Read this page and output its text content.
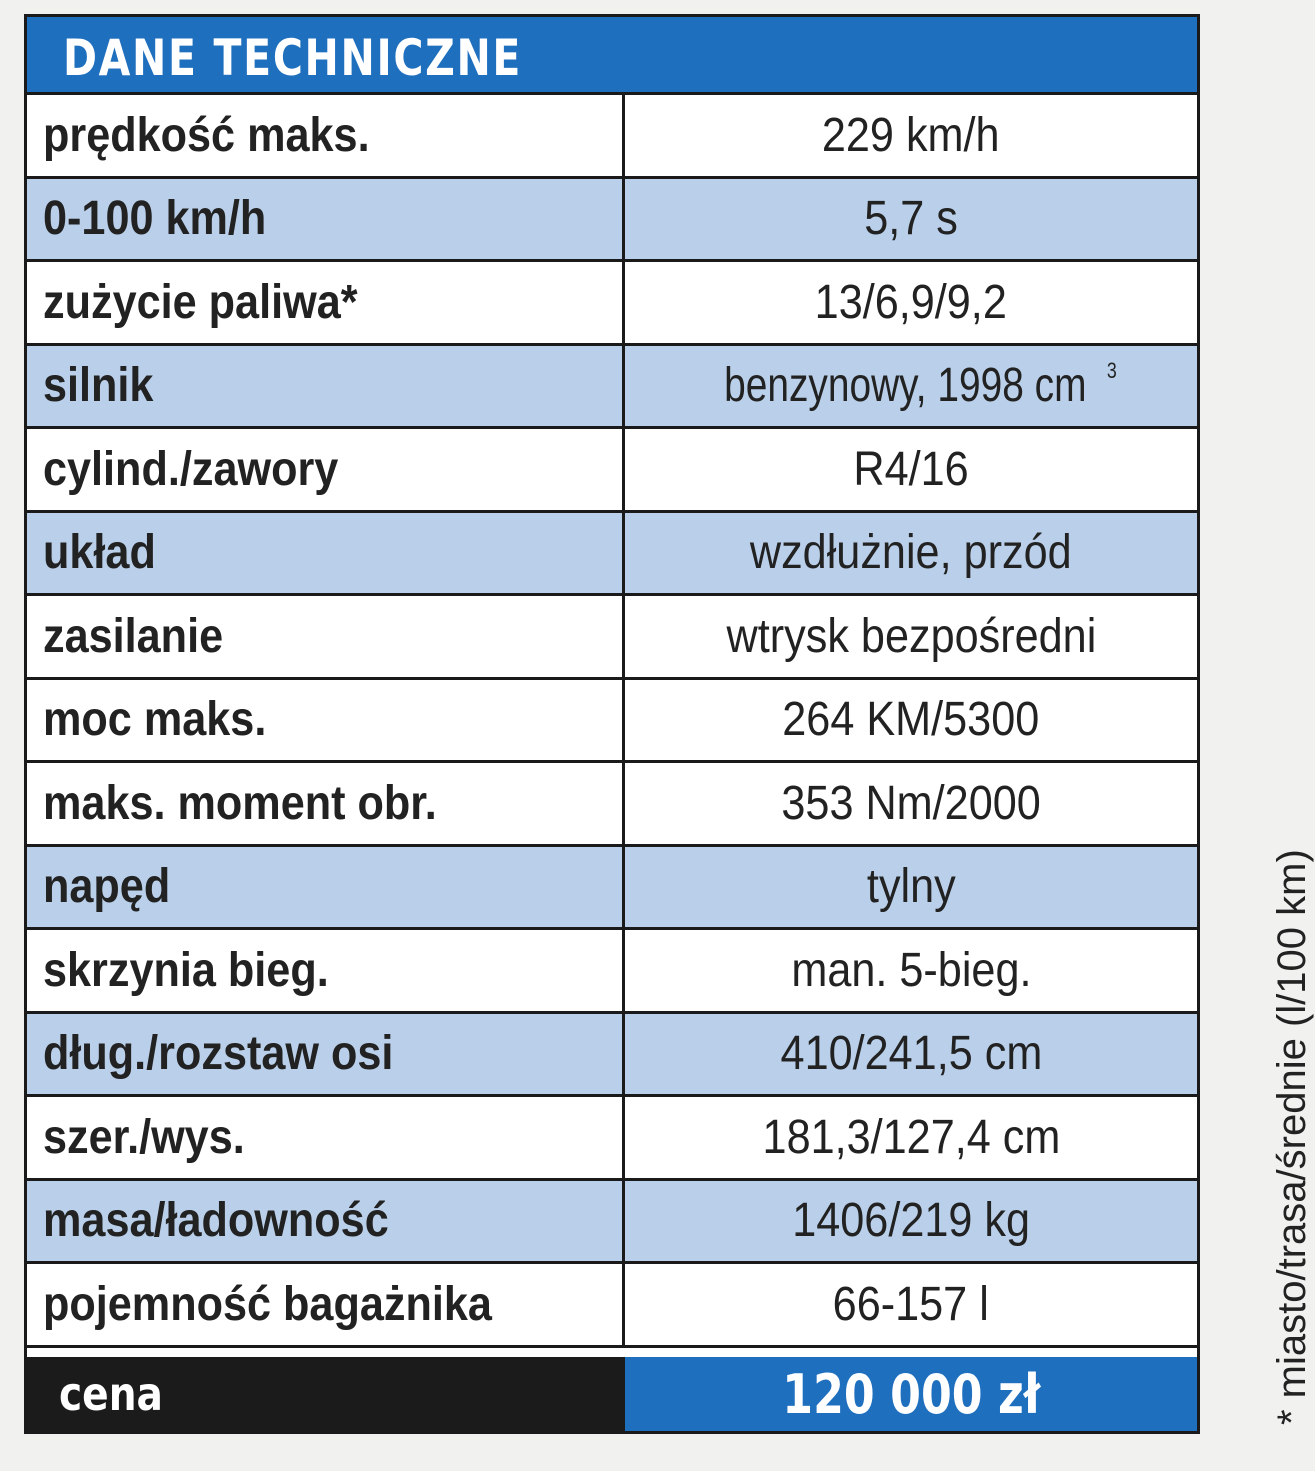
DANE TECHNICZNE
prędkość maks.	229 km/h
0-100 km/h	5,7 s
zużycie paliwa*	13/6,9/9,2
silnik	benzynowy, 1998 cm 3
cylind./zawory	R4/16
układ	wzdłużnie, przód
zasilanie	wtrysk bezpośredni
moc maks.	264 KM/5300
maks. moment obr.	353 Nm/2000
napęd	tylny
skrzynia bieg.	man. 5-bieg.
dług./rozstaw osi	410/241,5 cm
szer./wys.	181,3/127,4 cm
masa/ładowność	1406/219 kg
pojemność bagażnika	66-157 l
cena	120 000 zł	* miasto/trasa/średnie (l/100 km)
